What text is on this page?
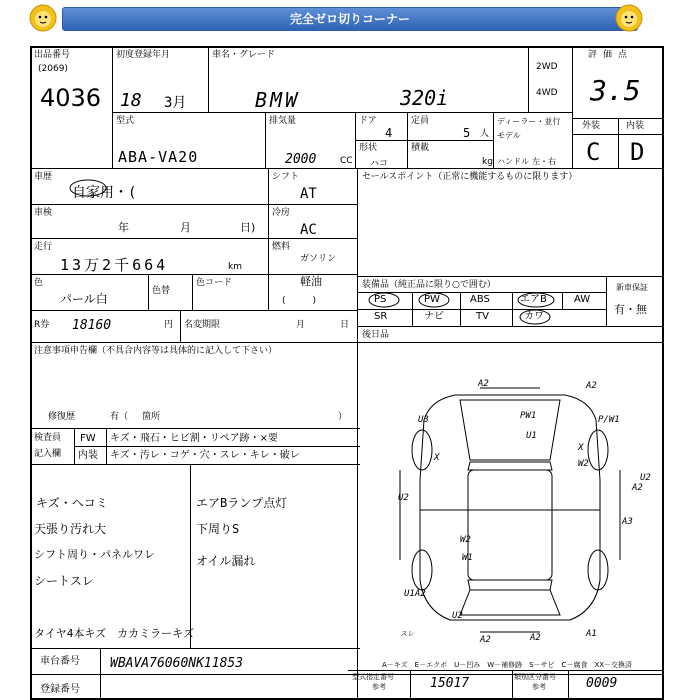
完全ゼロ切りコーナー
出品番号
(2069)
4036
初度登録年月
18 3月
車名・グレード
BMW	320i
2WD
4WD
評価点
3.5
外装	内装
C D
型式
ABA-VA20
排気量
2000	CC
ドア
4
形状
ハコ
定員
5 人
積載
kg
ディーラー・並行
モデル
ハンドル 左・右
車歴
自家用・(
シフト
AT
車検
年	月	日)
冷房
AC
走行
13万2千664	km
燃料
ガソリン
軽油
(　　　)
色
パール白
色替
色コード
R券 18160	円 名変期限	月	日
セールスポイント（正常に機能するものに限ります）
装備品（純正品に限り○で囲む）	新車保証
有・無
PS	PW	ABS	エアB	AW
SR	ナビ	TV	カワ
後日品
注意事項申告欄（不具合内容等は具体的に記入して下さい）
修復歴	有（ 箇所	）
検査員
記入欄
FW キズ・飛石・ヒビ割・リペア跡・×要
内装 キズ・汚レ・コゲ・穴・スレ・キレ・破レ
キズ・ヘコミ
天張り汚れ大
シフト周り・パネルワレ
シートスレ
タイヤ4本キズ　カカミラーキズ
エアBランプ点灯
下周りS
オイル漏れ
車台番号 WBAVA76060NK11853
登録番号
A－キズ　E－エクボ　U－凹み　W－補修跡　S－サビ　C－腐食　XX－交換済
型式指定番号
参考	15017	類別区分番号
参考	0009
A2	A2
U3
U2
PW1	P/W1
U1
W2
X
X
A2
U2
W2
W1
U1A2
A2	A2	A1
A3
U2
スレ
